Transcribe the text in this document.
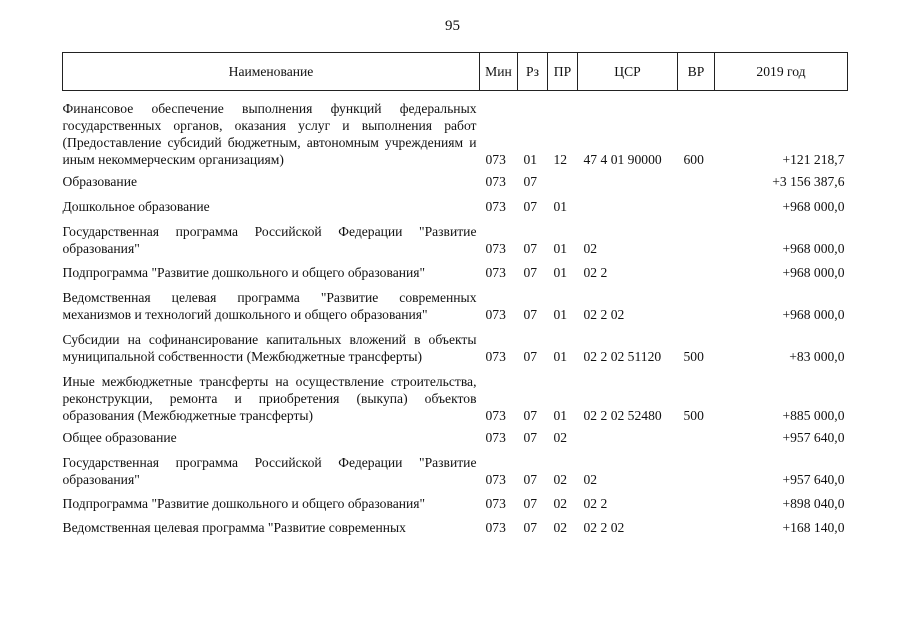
95
Наименование	Мин	Рз	ПР	ЦСР	ВР	2019 год
Финансовое обеспечение выполнения функций федеральных государственных органов, оказания услуг и выполнения работ (Предоставление субсидий бюджетным, автономным учреждениям и иным некоммерческим организациям)	073	01	12	47 4 01 90000	600	+121 218,7
Образование	073	07				+3 156 387,6
Дошкольное образование	073	07	01			+968 000,0
Государственная программа Российской Федерации "Развитие образования"	073	07	01	02		+968 000,0
Подпрограмма "Развитие дошкольного и общего образования"	073	07	01	02 2		+968 000,0
Ведомственная целевая программа "Развитие современных механизмов и технологий дошкольного и общего образования"	073	07	01	02 2 02		+968 000,0
Субсидии на софинансирование капитальных вложений в объекты муниципальной собственности (Межбюджетные трансферты)	073	07	01	02 2 02 51120	500	+83 000,0
Иные межбюджетные трансферты на осуществление строительства, реконструкции, ремонта и приобретения (выкупа) объектов образования (Межбюджетные трансферты)	073	07	01	02 2 02 52480	500	+885 000,0
Общее образование	073	07	02			+957 640,0
Государственная программа Российской Федерации "Развитие образования"	073	07	02	02		+957 640,0
Подпрограмма "Развитие дошкольного и общего образования"	073	07	02	02 2		+898 040,0
Ведомственная целевая программа "Развитие современных	073	07	02	02 2 02		+168 140,0
